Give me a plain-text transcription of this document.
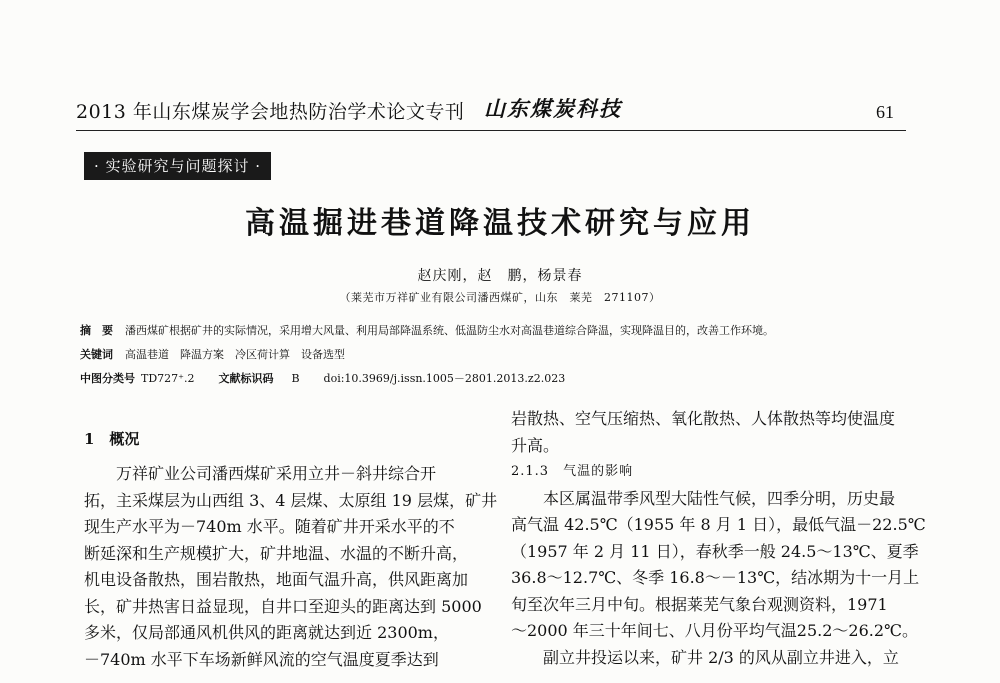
2013 年山东煤炭学会地热防治学术论文专刊 山东煤炭科技	61
· 实验研究与问题探讨 ·
高温掘进巷道降温技术研究与应用
赵庆刚，赵　鹏，杨景春
（莱芜市万祥矿业有限公司潘西煤矿，山东　莱芜　271107）
摘　要 潘西煤矿根据矿井的实际情况，采用增大风量、利用局部降温系统、低温防尘水对高温巷道综合降温，实现降温目的，改善工作环境。
关键词 高温巷道　降温方案　冷区荷计算　设备选型
中图分类号 TD727⁺.2 文献标识码 B doi:10.3969/j.issn.1005－2801.2013.z2.023
1　概况
　　万祥矿业公司潘西煤矿采用立井－斜井综合开
拓，主采煤层为山西组 3、4 层煤、太原组 19 层煤，矿井
现生产水平为－740m 水平。随着矿井开采水平的不
断延深和生产规模扩大，矿井地温、水温的不断升高，
机电设备散热，围岩散热，地面气温升高，供风距离加
长，矿井热害日益显现，自井口至迎头的距离达到 5000
多米，仅局部通风机供风的距离就达到近 2300m，
－740m 水平下车场新鲜风流的空气温度夏季达到
岩散热、空气压缩热、氧化散热、人体散热等均使温度
升高。
2.1.3　气温的影响
　　本区属温带季风型大陆性气候，四季分明，历史最
高气温 42.5℃（1955 年 8 月 1 日），最低气温－22.5℃
（1957 年 2 月 11 日），春秋季一般 24.5～13℃、夏季
36.8～12.7℃、冬季 16.8～－13℃，结冰期为十一月上
旬至次年三月中旬。根据莱芜气象台观测资料，1971
～2000 年三十年间七、八月份平均气温25.2～26.2℃。
　　副立井投运以来，矿井 2/3 的风从副立井进入，立
